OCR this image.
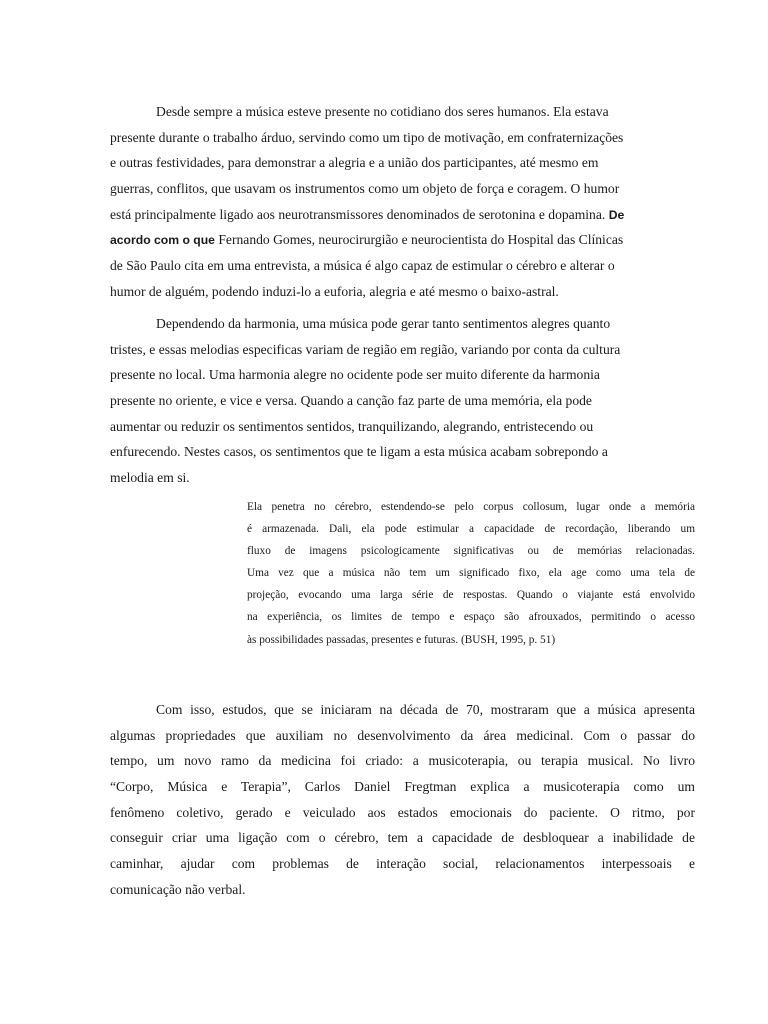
Desde sempre a música esteve presente no cotidiano dos seres humanos. Ela estava
presente durante o trabalho árduo, servindo como um tipo de motivação, em confraternizações
e outras festividades, para demonstrar a alegria e a união dos participantes, até mesmo em
guerras, conflitos, que usavam os instrumentos como um objeto de força e coragem. O humor
está principalmente ligado aos neurotransmissores denominados de serotonina e dopamina. De
acordo com o que Fernando Gomes, neurocirurgião e neurocientista do Hospital das Clínicas
de São Paulo cita em uma entrevista, a música é algo capaz de estimular o cérebro e alterar o
humor de alguém, podendo induzi-lo a euforia, alegria e até mesmo o baixo-astral.
Dependendo da harmonia, uma música pode gerar tanto sentimentos alegres quanto
tristes, e essas melodias especificas variam de região em região, variando por conta da cultura
presente no local. Uma harmonia alegre no ocidente pode ser muito diferente da harmonia
presente no oriente, e vice e versa. Quando a canção faz parte de uma memória, ela pode
aumentar ou reduzir os sentimentos sentidos, tranquilizando, alegrando, entristecendo ou
enfurecendo. Nestes casos, os sentimentos que te ligam a esta música acabam sobrepondo a
melodia em si.
Ela penetra no cérebro, estendendo-se pelo corpus collosum, lugar onde a memória
é armazenada. Dali, ela pode estimular a capacidade de recordação, liberando um
fluxo de imagens psicologicamente significativas ou de memórias relacionadas.
Uma vez que a música não tem um significado fixo, ela age como uma tela de
projeção, evocando uma larga série de respostas. Quando o viajante está envolvido
na experiência, os limites de tempo e espaço são afrouxados, permitindo o acesso
às possibilidades passadas, presentes e futuras. (BUSH, 1995, p. 51)
Com isso, estudos, que se iniciaram na década de 70, mostraram que a música apresenta
algumas propriedades que auxiliam no desenvolvimento da área medicinal. Com o passar do
tempo, um novo ramo da medicina foi criado: a musicoterapia, ou terapia musical. No livro
“Corpo, Música e Terapia”, Carlos Daniel Fregtman explica a musicoterapia como um
fenômeno coletivo, gerado e veiculado aos estados emocionais do paciente. O ritmo, por
conseguir criar uma ligação com o cérebro, tem a capacidade de desbloquear a inabilidade de
caminhar, ajudar com problemas de interação social, relacionamentos interpessoais e
comunicação não verbal.
